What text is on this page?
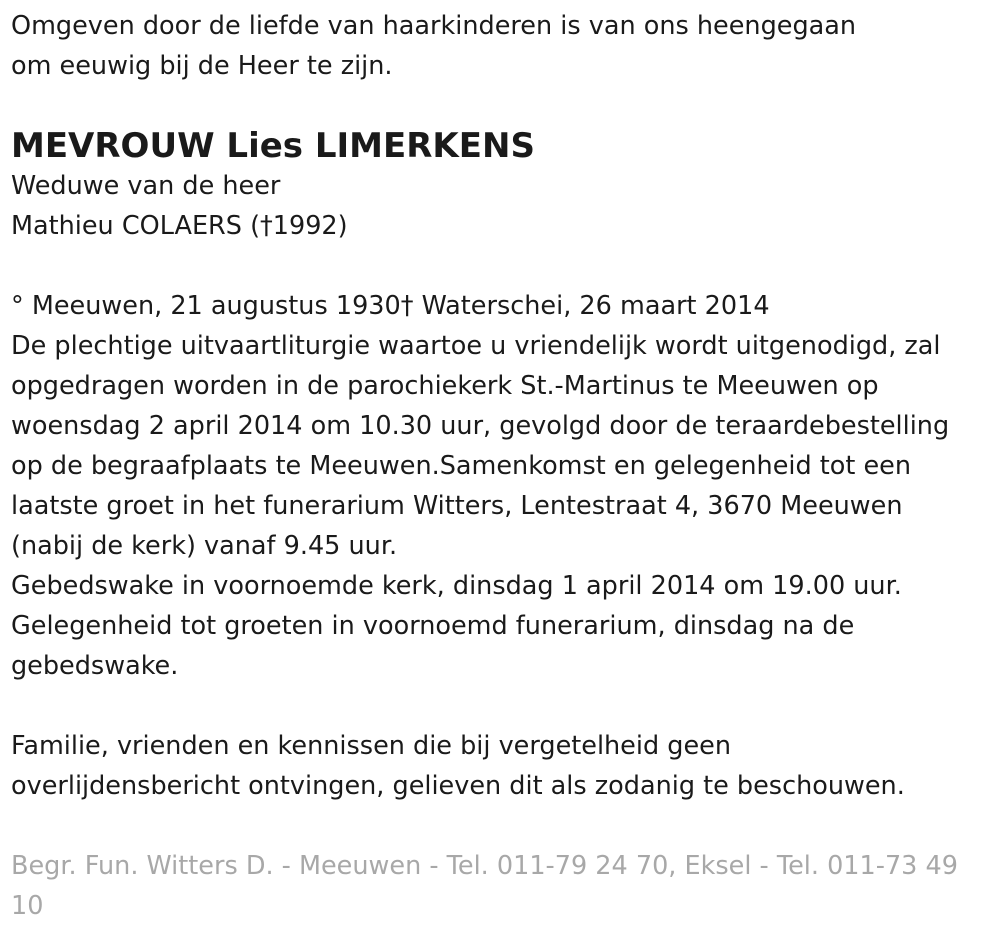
Omgeven door de liefde van haarkinderen is van ons heengegaan
om eeuwig bij de Heer te zijn.
MEVROUW Lies LIMERKENS
Weduwe van de heer
Mathieu COLAERS (†1992)
° Meeuwen, 21 augustus 1930† Waterschei, 26 maart 2014
De plechtige uitvaartliturgie waartoe u vriendelijk wordt uitgenodigd, zal
opgedragen worden in de parochiekerk St.-Martinus te Meeuwen op
woensdag 2 april 2014 om 10.30 uur, gevolgd door de teraardebestelling
op de begraafplaats te Meeuwen.Samenkomst en gelegenheid tot een
laatste groet in het funerarium Witters, Lentestraat 4, 3670 Meeuwen
(nabij de kerk) vanaf 9.45 uur.
Gebedswake in voornoemde kerk, dinsdag 1 april 2014 om 19.00 uur.
Gelegenheid tot groeten in voornoemd funerarium, dinsdag na de
gebedswake.
Familie, vrienden en kennissen die bij vergetelheid geen
overlijdensbericht ontvingen, gelieven dit als zodanig te beschouwen.
Begr. Fun. Witters D. - Meeuwen - Tel. 011-79 24 70, Eksel - Tel. 011-73 49
10
